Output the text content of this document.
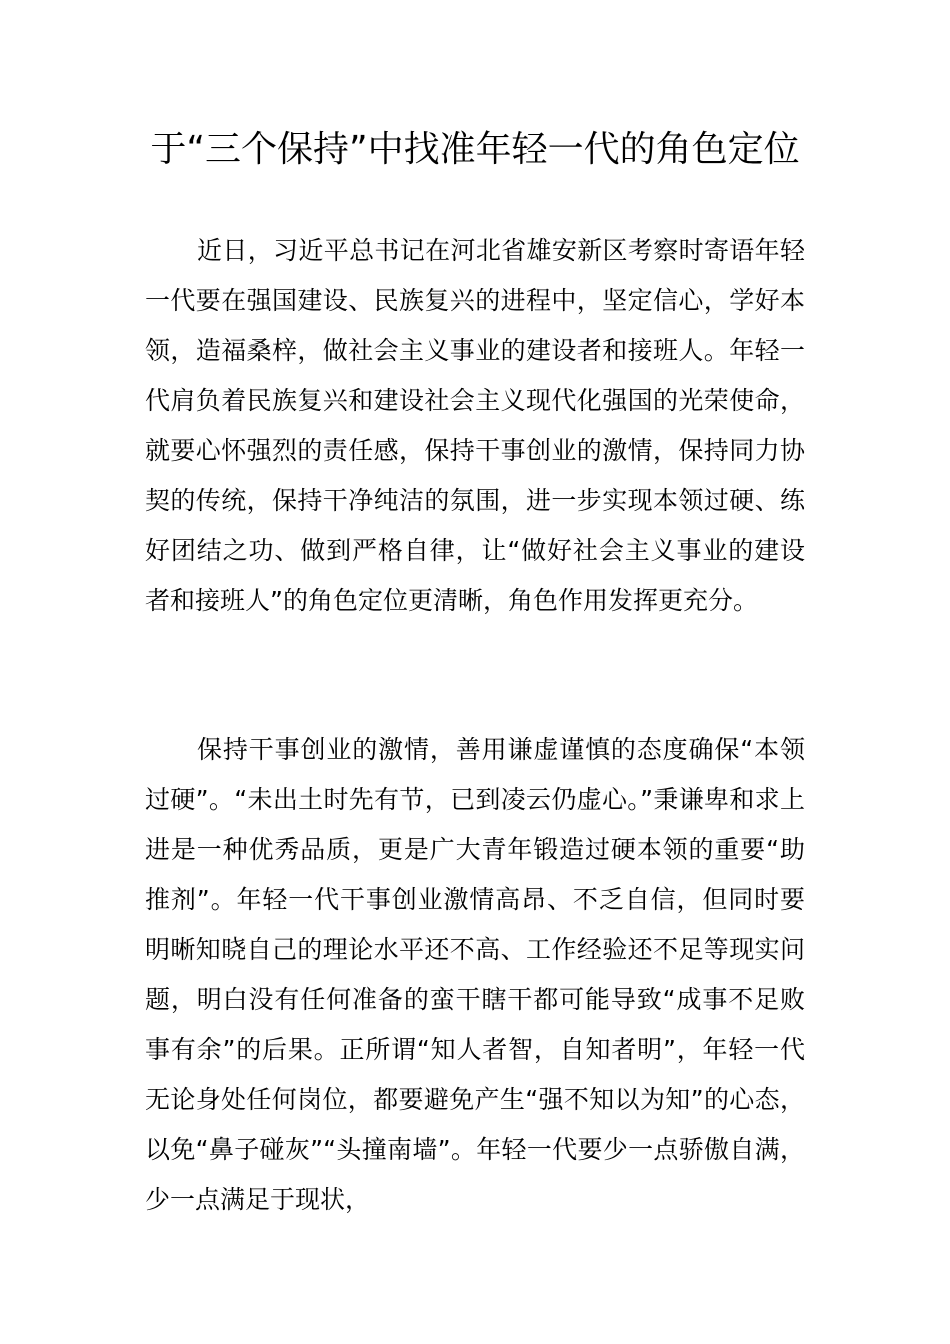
于“三个保持”中找准年轻一代的角色定位

近日，习近平总书记在河北省雄安新区考察时寄语年轻一代要在强国建设、民族复兴的进程中，坚定信心，学好本领，造福桑梓，做社会主义事业的建设者和接班人。年轻一代肩负着民族复兴和建设社会主义现代化强国的光荣使命，就要心怀强烈的责任感，保持干事创业的激情，保持同力协契的传统，保持干净纯洁的氛围，进一步实现本领过硬、练好团结之功、做到严格自律，让“做好社会主义事业的建设者和接班人”的角色定位更清晰，角色作用发挥更充分。

保持干事创业的激情，善用谦虚谨慎的态度确保“本领过硬”。“未出土时先有节，已到凌云仍虚心。”秉谦卑和求上进是一种优秀品质，更是广大青年锻造过硬本领的重要“助推剂”。年轻一代干事创业激情高昂、不乏自信，但同时要明晰知晓自己的理论水平还不高、工作经验还不足等现实问题，明白没有任何准备的蛮干瞎干都可能导致“成事不足败事有余”的后果。正所谓“知人者智，自知者明”，年轻一代无论身处任何岗位，都要避免产生“强不知以为知”的心态，以免“鼻子碰灰”“头撞南墙”。年轻一代要少一点骄傲自满，少一点满足于现状，
